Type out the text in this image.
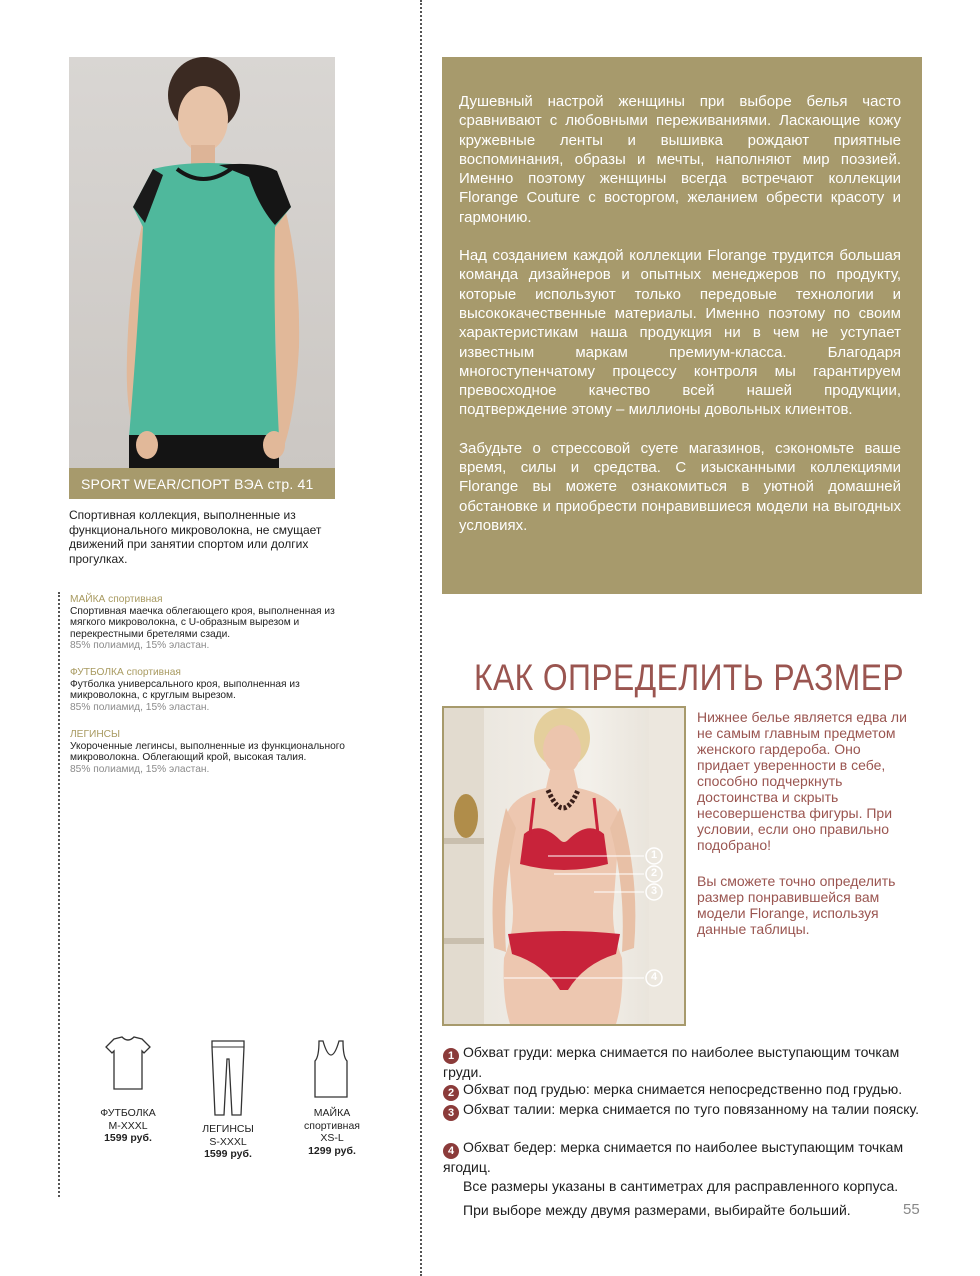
SPORT WEAR/СПОРТ ВЭА стр. 41
Спортивная коллекция, выполненные из функционального микроволокна, не смущает движений при занятии спортом или долгих прогулках.
МАЙКА спортивная
Спортивная маечка облегающего кроя, выполненная из мягкого микроволокна, с U-образным вырезом и перекрестными бретелями сзади.
85% полиамид, 15% эластан.
ФУТБОЛКА спортивная
Футболка универсального кроя, выполненная из микроволокна, с круглым вырезом.
85% полиамид, 15% эластан.
ЛЕГИНСЫ
Укороченные легинсы, выполненные из функционального микроволокна. Облегающий крой, высокая талия.
85% полиамид, 15% эластан.
ФУТБОЛКА
M-XXXL
1599 руб.
ЛЕГИНСЫ
S-XXXL
1599 руб.
МАЙКА
спортивная
XS-L
1299 руб.

Душевный настрой женщины при выборе белья часто сравнивают с любовными переживаниями. Ласкающие кожу кружевные ленты и вышивка рождают приятные воспоминания, образы и мечты, наполняют мир поэзией. Именно поэтому женщины всегда встречают коллекции Florange Couture с восторгом, желанием обрести красоту и гармонию.

Над созданием каждой коллекции Florange трудится большая команда дизайнеров и опытных менеджеров по продукту, которые используют только передовые технологии и высококачественные материалы. Именно поэтому по своим характеристикам наша продукция ни в чем не уступает известным маркам премиум-класса. Благодаря многоступенчатому процессу контроля мы гарантируем превосходное качество всей нашей продукции, подтверждение этому – миллионы довольных клиентов.

Забудьте о стрессовой суете магазинов, сэкономьте ваше время, силы и средства. С изысканными коллекциями Florange вы можете ознакомиться в уютной домашней обстановке и приобрести понравившиеся модели на выгодных условиях.

КАК ОПРЕДЕЛИТЬ РАЗМЕР
1
2
3
4
Нижнее белье является едва ли не самым главным предметом женского гардероба. Оно придает уверенности в себе, способно подчеркнуть достоинства и скрыть несовершенства фигуры. При условии, если оно правильно подобрано!
Вы сможете точно определить размер понравившейся вам модели Florange, используя данные таблицы.
1 Обхват груди: мерка снимается по наиболее выступающим точкам груди.
2 Обхват под грудью: мерка снимается непосредственно под грудью.
3 Обхват талии: мерка снимается по туго повязанному на талии пояску.
4 Обхват бедер: мерка снимается по наиболее выступающим точкам ягодиц.
Все размеры указаны в сантиметрах для расправленного корпуса.
При выборе между двумя размерами, выбирайте больший.	55
